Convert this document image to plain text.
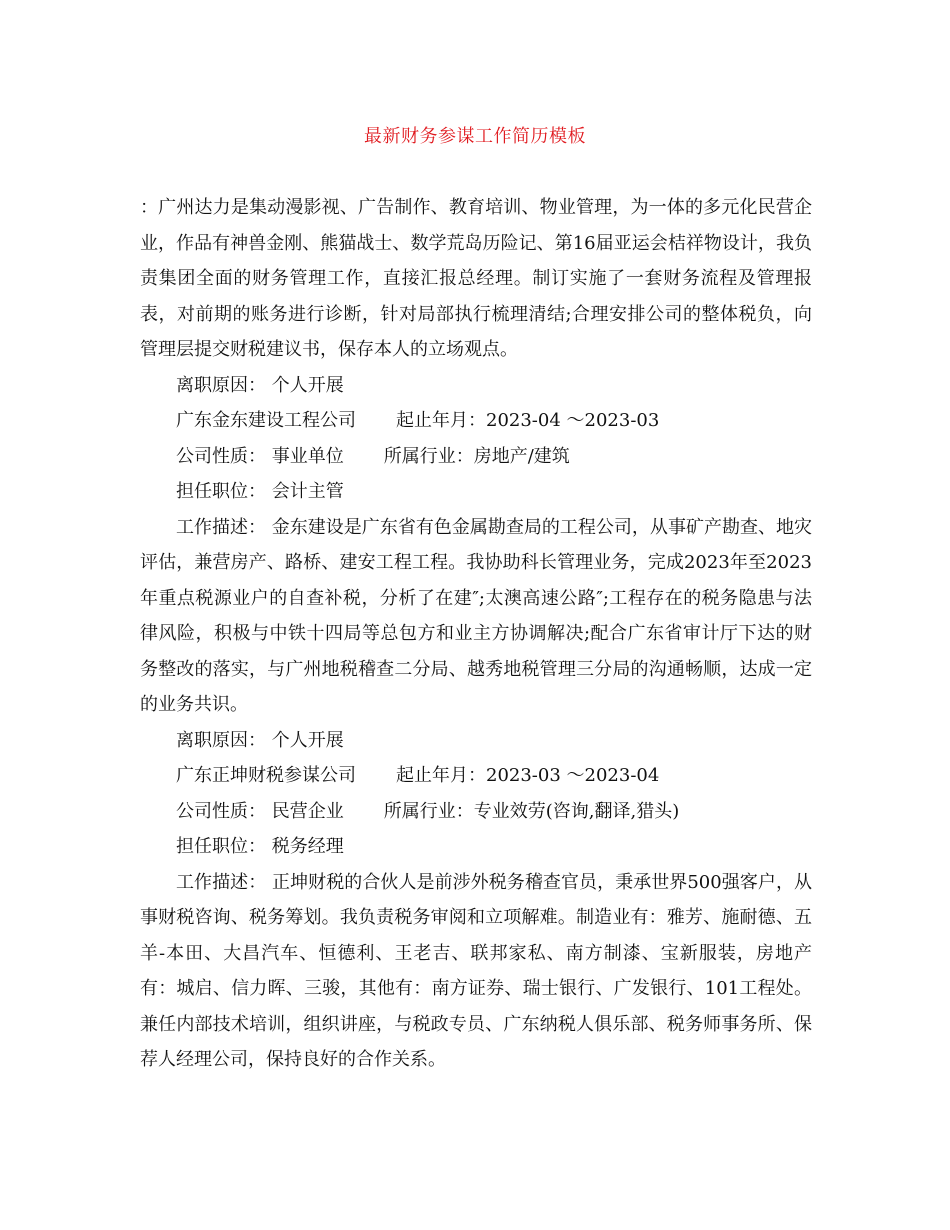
最新财务参谋工作简历模板

：广州达力是集动漫影视、广告制作、教育培训、物业管理，为一体的多元化民营企业，作品有神兽金刚、熊猫战士、数学荒岛历险记、第16届亚运会桔祥物设计，我负责集团全面的财务管理工作，直接汇报总经理。制订实施了一套财务流程及管理报表，对前期的账务进行诊断，针对局部执行梳理清结;合理安排公司的整体税负，向管理层提交财税建议书，保存本人的立场观点。

离职原因： 个人开展

广东金东建设工程公司 起止年月：2023-04 ～2023-03

公司性质： 事业单位 所属行业：房地产/建筑

担任职位： 会计主管

工作描述： 金东建设是广东省有色金属勘查局的工程公司，从事矿产勘查、地灾评估，兼营房产、路桥、建安工程工程。我协助科长管理业务，完成2023年至2023年重点税源业户的自查补税，分析了在建″;太澳高速公路″;工程存在的税务隐患与法律风险，积极与中铁十四局等总包方和业主方协调解决;配合广东省审计厅下达的财务整改的落实，与广州地税稽查二分局、越秀地税管理三分局的沟通畅顺，达成一定的业务共识。

离职原因： 个人开展

广东正坤财税参谋公司 起止年月：2023-03 ～2023-04

公司性质： 民营企业 所属行业：专业效劳(咨询,翻译,猎头)

担任职位： 税务经理

工作描述： 正坤财税的合伙人是前涉外税务稽查官员，秉承世界500强客户，从事财税咨询、税务筹划。我负责税务审阅和立项解难。制造业有：雅芳、施耐德、五羊-本田、大昌汽车、恒德利、王老吉、联邦家私、南方制漆、宝新服装，房地产有：城启、信力晖、三骏，其他有：南方证券、瑞士银行、广发银行、101工程处。兼任内部技术培训，组织讲座，与税政专员、广东纳税人俱乐部、税务师事务所、保荐人经理公司，保持良好的合作关系。
